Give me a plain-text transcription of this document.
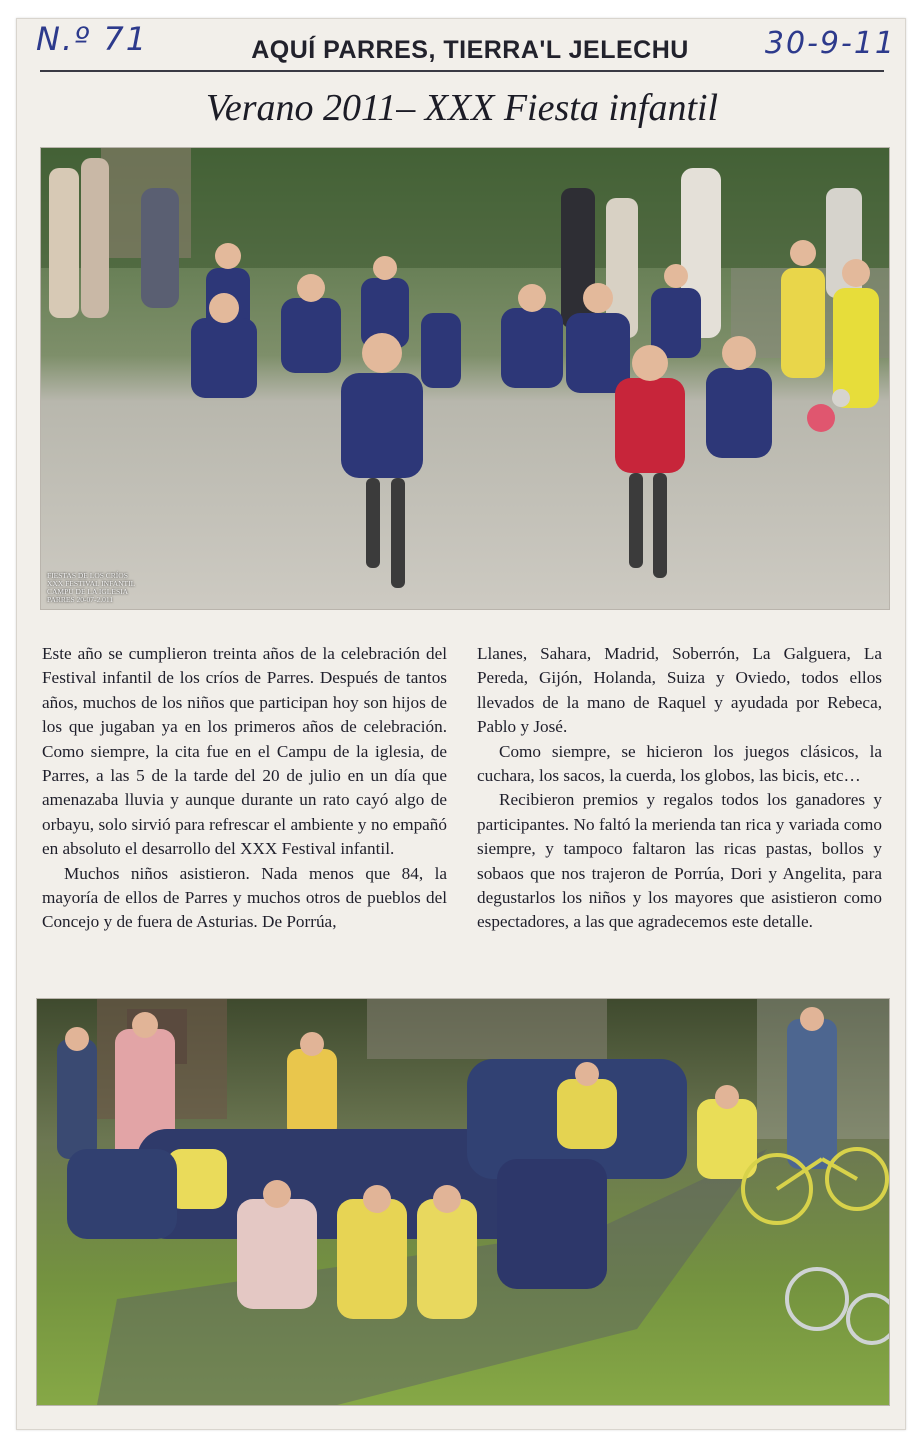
N.º 71	30-9-11
AQUÍ PARRES, TIERRA'L JELECHU
Verano 2011– XXX Fiesta infantil
FIESTAS DE LOS CRÍOS
XXX FESTIVAL INFANTIL
CAMPU DE LA IGLESIA
PARRES 20-07-2.011

Este año se cumplieron treinta años de la celebración del Festival infantil de los críos de Parres. Después de tantos años, muchos de los niños que participan hoy son hijos de los que jugaban ya en los primeros años de celebración. Como siempre, la cita fue en el Campu de la iglesia, de Parres, a las 5 de la tarde del 20 de julio en un día que amenazaba lluvia y aunque durante un rato cayó algo de orbayu, solo sirvió para refrescar el ambiente y no empañó en absoluto el desarrollo del XXX Festival infantil.

Muchos niños asistieron. Nada menos que 84, la mayoría de ellos de Parres y muchos otros de pueblos del Concejo y de fuera de Asturias. De Porrúa,

Llanes, Sahara, Madrid, Soberrón, La Galguera, La Pereda, Gijón, Holanda, Suiza y Oviedo, todos ellos llevados de la mano de Raquel y ayudada por Rebeca, Pablo y José.

Como siempre, se hicieron los juegos clásicos, la cuchara, los sacos, la cuerda, los globos, las bicis, etc…

Recibieron premios y regalos todos los ganadores y participantes. No faltó la merienda tan rica y variada como siempre, y tampoco faltaron las ricas pastas, bollos y sobaos que nos trajeron de Porrúa, Dori y Angelita, para degustarlos los niños y los mayores que asistieron como espectadores, a las que agradecemos este detalle.
